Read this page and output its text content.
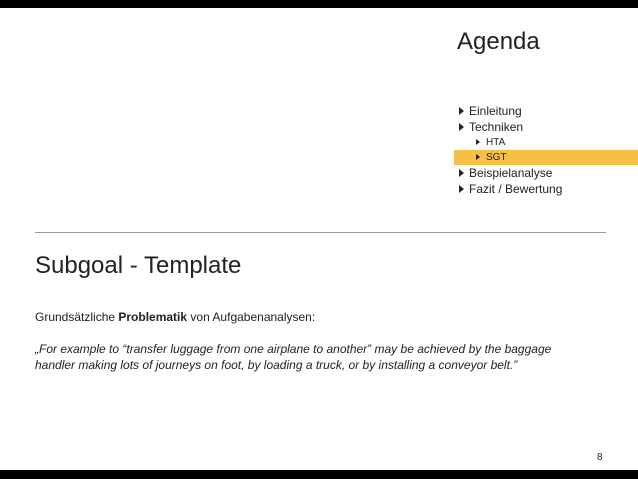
Agenda
Einleitung
Techniken
HTA
SGT
Beispielanalyse
Fazit / Bewertung
Subgoal - Template
Grundsätzliche Problematik von Aufgabenanalysen:
„For example to “transfer luggage from one airplane to another” may be achieved by the baggage handler making lots of journeys on foot, by loading a truck, or by installing a conveyor belt.”
8
